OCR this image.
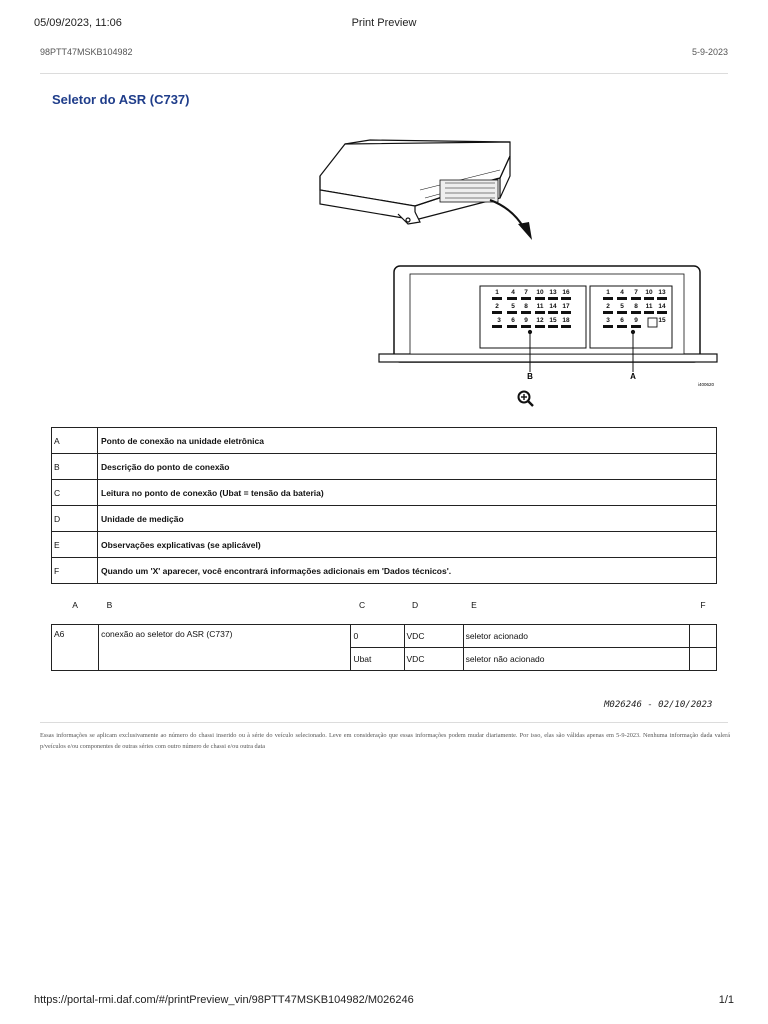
05/09/2023, 11:06	Print Preview
98PTT47MSKB104982	5-9-2023
Seletor do ASR (C737)
1 4 7 10 13 16	1 4 7 10 13
2 5 8 11 14 17	2 5 8 11 14
3 6 9 12 15 18	3 6 9	15
B	A
i400620
A	Ponto de conexão na unidade eletrônica
B	Descrição do ponto de conexão
C	Leitura no ponto de conexão (Ubat = tensão da bateria)
D	Unidade de medição
E	Observações explicativas (se aplicável)
F	Quando um 'X' aparecer, você encontrará informações adicionais em 'Dados técnicos'.
A	B	C	D	E	F
A6	conexão ao seletor do ASR (C737)	0	VDC	seletor acionado	
		Ubat	VDC	seletor não acionado	
M026246 - 02/10/2023
Essas informações se aplicam exclusivamente ao número do chassi inserido ou à série do veículo selecionado. Leve em consideração que essas informações podem mudar diariamente. Por isso, elas são válidas apenas em 5-9-2023. Nenhuma informação dada valerá p/veículos e/ou componentes de outras séries com outro número de chassi e/ou outra data
https://portal-rmi.daf.com/#/printPreview_vin/98PTT47MSKB104982/M026246	1/1
